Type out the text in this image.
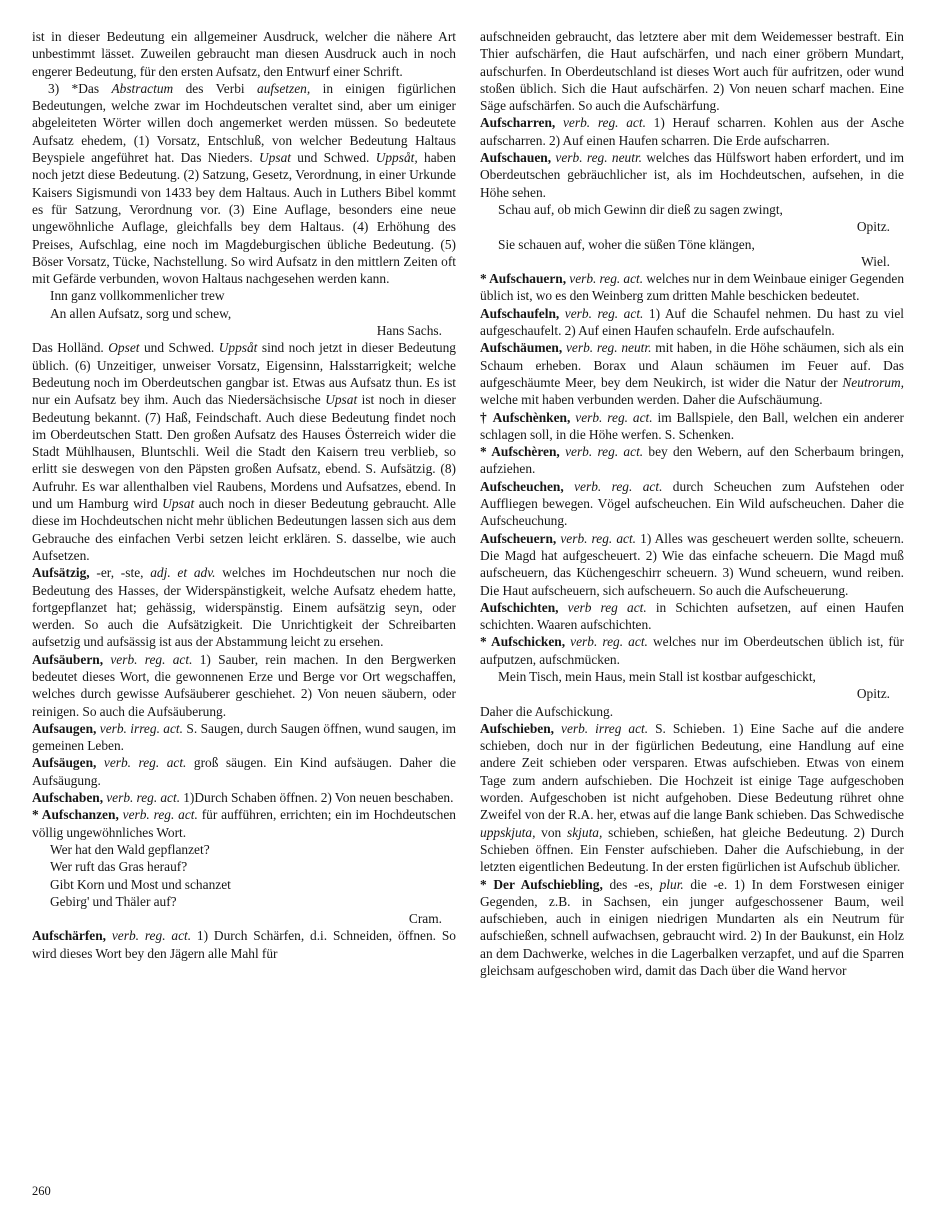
ist in dieser Bedeutung ein allgemeiner Ausdruck, welcher die nähere Art unbestimmt lässet. Zuweilen gebraucht man diesen Ausdruck auch in noch engerer Bedeutung, für den ersten Aufsatz, den Entwurf einer Schrift.
3) *Das Abstractum des Verbi aufsetzen, in einigen figürlichen Bedeutungen, welche zwar im Hochdeutschen veraltet sind, aber um einiger abgeleiteten Wörter willen doch angemerket werden müssen. So bedeutete Aufsatz ehedem, (1) Vorsatz, Entschluß, von welcher Bedeutung Haltaus Beyspiele angeführet hat. Das Nieders. Upsat und Schwed. Uppsåt, haben noch jetzt diese Bedeutung. (2) Satzung, Gesetz, Verordnung, in einer Urkunde Kaisers Sigismundi von 1433 bey dem Haltaus. Auch in Luthers Bibel kommt es für Satzung, Verordnung vor. (3) Eine Auflage, besonders eine neue ungewöhnliche Auflage, gleichfalls bey dem Haltaus. (4) Erhöhung des Preises, Aufschlag, eine noch im Magdeburgischen übliche Bedeutung. (5) Böser Vorsatz, Tücke, Nachstellung. So wird Aufsatz in den mittlern Zeiten oft mit Gefärde verbunden, wovon Haltaus nachgesehen werden kann.
Inn ganz vollkommenlicher trew
An allen Aufsatz, sorg und schew,
Hans Sachs.
Das Holländ. Opset und Schwed. Uppsåt sind noch jetzt in dieser Bedeutung üblich. (6) Unzeitiger, unweiser Vorsatz, Eigensinn, Halsstarrigkeit; welche Bedeutung noch im Oberdeutschen gangbar ist. Etwas aus Aufsatz thun. Es ist nur ein Aufsatz bey ihm. Auch das Niedersächsische Upsat ist noch in dieser Bedeutung bekannt. (7) Haß, Feindschaft. Auch diese Bedeutung findet noch im Oberdeutschen Statt. Den großen Aufsatz des Hauses Österreich wider die Stadt Mühlhausen, Bluntschli. Weil die Stadt den Kaisern treu verblieb, so erlitt sie deswegen von den Päpsten großen Aufsatz, ebend. S. Aufsätzig. (8) Aufruhr. Es war allenthalben viel Raubens, Mordens und Aufsatzes, ebend. In und um Hamburg wird Upsat auch noch in dieser Bedeutung gebraucht. Alle diese im Hochdeutschen nicht mehr üblichen Bedeutungen lassen sich aus dem Gebrauche des einfachen Verbi setzen leicht erklären. S. dasselbe, wie auch Aufsetzen.
Aufsätzig, -er, -ste, adj. et adv. welches im Hochdeutschen nur noch die Bedeutung des Hasses, der Widerspänstigkeit, welche Aufsatz ehedem hatte, fortgepflanzet hat; gehässig, widerspänstig. Einem aufsätzig seyn, oder werden. So auch die Aufsätzigkeit. Die Unrichtigkeit der Schreibarten aufsetzig und aufsässig ist aus der Abstammung leicht zu ersehen.
Aufsäubern, verb. reg. act. 1) Sauber, rein machen. In den Bergwerken bedeutet dieses Wort, die gewonnenen Erze und Berge vor Ort wegschaffen, welches durch gewisse Aufsäuberer geschiehet. 2) Von neuen säubern, oder reinigen. So auch die Aufsäuberung.
Aufsaugen, verb. irreg. act. S. Saugen, durch Saugen öffnen, wund saugen, im gemeinen Leben.
Aufsäugen, verb. reg. act. groß säugen. Ein Kind aufsäugen. Daher die Aufsäugung.
Aufschaben, verb. reg. act. 1)Durch Schaben öffnen. 2) Von neuen beschaben.
* Aufschanzen, verb. reg. act. für aufführen, errichten; ein im Hochdeutschen völlig ungewöhnliches Wort.
Wer hat den Wald gepflanzet?
Wer ruft das Gras herauf?
Gibt Korn und Most und schanzet
Gebirg' und Thäler auf?
Cram.
Aufschärfen, verb. reg. act. 1) Durch Schärfen, d.i. Schneiden, öffnen. So wird dieses Wort bey den Jägern alle Mahl für
aufschneiden gebraucht, das letztere aber mit dem Weidemesser bestraft. Ein Thier aufschärfen, die Haut aufschärfen, und nach einer gröbern Mundart, aufschurfen. In Oberdeutschland ist dieses Wort auch für aufritzen, oder wund stoßen üblich. Sich die Haut aufschärfen. 2) Von neuen scharf machen. Eine Säge aufschärfen. So auch die Aufschärfung.
Aufscharren, verb. reg. act. 1) Herauf scharren. Kohlen aus der Asche aufscharren. 2) Auf einen Haufen scharren. Die Erde aufscharren.
Aufschauen, verb. reg. neutr. welches das Hülfswort haben erfordert, und im Oberdeutschen gebräuchlicher ist, als im Hochdeutschen, aufsehen, in die Höhe sehen.
Schau auf, ob mich Gewinn dir dieß zu sagen zwingt,
Opitz.
Sie schauen auf, woher die süßen Töne klängen,
Wiel.
* Aufschauern, verb. reg. act. welches nur in dem Weinbaue einiger Gegenden üblich ist, wo es den Weinberg zum dritten Mahle beschicken bedeutet.
Aufschaufeln, verb. reg. act. 1) Auf die Schaufel nehmen. Du hast zu viel aufgeschaufelt. 2) Auf einen Haufen schaufeln. Erde aufschaufeln.
Aufschäumen, verb. reg. neutr. mit haben, in die Höhe schäumen, sich als ein Schaum erheben. Borax und Alaun schäumen im Feuer auf. Das aufgeschäumte Meer, bey dem Neukirch, ist wider die Natur der Neutrorum, welche mit haben verbunden werden. Daher die Aufschäumung.
† Aufschènken, verb. reg. act. im Ballspiele, den Ball, welchen ein anderer schlagen soll, in die Höhe werfen. S. Schenken.
* Aufschèren, verb. reg. act. bey den Webern, auf den Scherbaum bringen, aufziehen.
Aufscheuchen, verb. reg. act. durch Scheuchen zum Aufstehen oder Auffliegen bewegen. Vögel aufscheuchen. Ein Wild aufscheuchen. Daher die Aufscheuchung.
Aufscheuern, verb. reg. act. 1) Alles was gescheuert werden sollte, scheuern. Die Magd hat aufgescheuert. 2) Wie das einfache scheuern. Die Magd muß aufscheuern, das Küchengeschirr scheuern. 3) Wund scheuern, wund reiben. Die Haut aufscheuern, sich aufscheuern. So auch die Aufscheuerung.
Aufschichten, verb reg act. in Schichten aufsetzen, auf einen Haufen schichten. Waaren aufschichten.
* Aufschicken, verb. reg. act. welches nur im Oberdeutschen üblich ist, für aufputzen, aufschmücken.
Mein Tisch, mein Haus, mein Stall ist kostbar aufgeschickt,
Opitz.
Daher die Aufschickung.
Aufschieben, verb. irreg act. S. Schieben. 1) Eine Sache auf die andere schieben, doch nur in der figürlichen Bedeutung, eine Handlung auf eine andere Zeit schieben oder versparen. Etwas aufschieben. Etwas von einem Tage zum andern aufschieben. Die Hochzeit ist einige Tage aufgeschoben worden. Aufgeschoben ist nicht aufgehoben. Diese Bedeutung rühret ohne Zweifel von der R.A. her, etwas auf die lange Bank schieben. Das Schwedische uppskjuta, von skjuta, schieben, schießen, hat gleiche Bedeutung. 2) Durch Schieben öffnen. Ein Fenster aufschieben. Daher die Aufschiebung, in der letzten eigentlichen Bedeutung. In der ersten figürlichen ist Aufschub üblicher.
* Der Aufschiebling, des -es, plur. die -e. 1) In dem Forstwesen einiger Gegenden, z.B. in Sachsen, ein junger aufgeschossener Baum, weil aufschieben, auch in einigen niedrigen Mundarten als ein Neutrum für aufschießen, schnell aufwachsen, gebraucht wird. 2) In der Baukunst, ein Holz an dem Dachwerke, welches in die Lagerbalken verzapfet, und auf die Sparren gleichsam aufgeschoben wird, damit das Dach über die Wand hervor
260
